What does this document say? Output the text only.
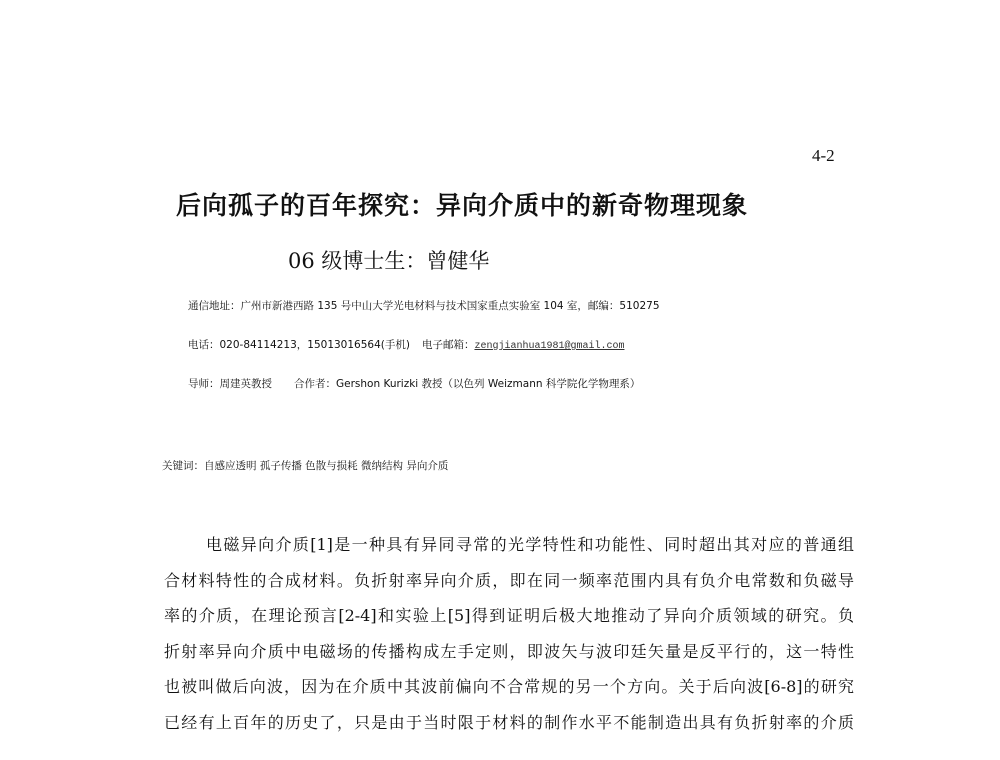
4-2
后向孤子的百年探究：异向介质中的新奇物理现象
06 级博士生：曾健华
通信地址：广州市新港西路 135 号中山大学光电材料与技术国家重点实验室 104 室，邮编：510275
电话：020-84114213，15013016564(手机) 电子邮箱：zengjianhua1981@gmail.com
导师：周建英教授 合作者：Gershon Kurizki 教授（以色列 Weizmann 科学院化学物理系）
关键词：自感应透明 孤子传播 色散与损耗 微纳结构 异向介质
电磁异向介质[1]是一种具有异同寻常的光学特性和功能性、同时超出其对应的普通组
合材料特性的合成材料。负折射率异向介质，即在同一频率范围内具有负介电常数和负磁导
率的介质，在理论预言[2-4]和实验上[5]得到证明后极大地推动了异向介质领域的研究。负
折射率异向介质中电磁场的传播构成左手定则，即波矢与波印廷矢量是反平行的，这一特性
也被叫做后向波，因为在介质中其波前偏向不合常规的另一个方向。关于后向波[6-8]的研究
已经有上百年的历史了，只是由于当时限于材料的制作水平不能制造出具有负折射率的介质
